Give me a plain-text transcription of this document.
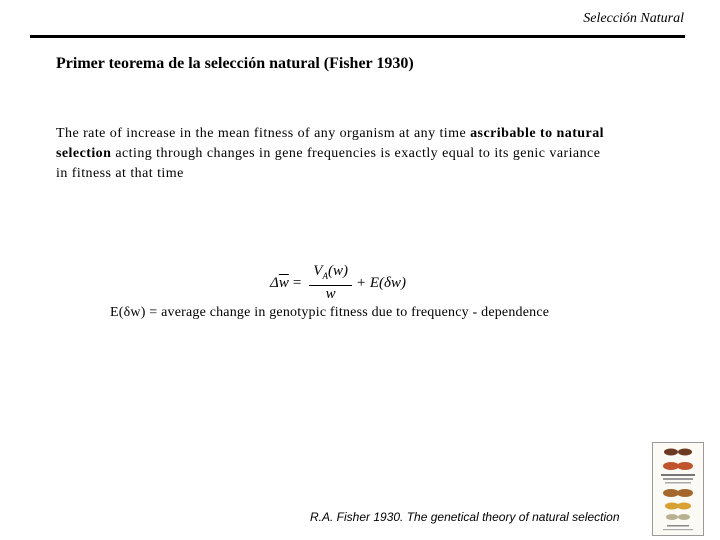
Selección Natural
Primer teorema de la selección natural (Fisher 1930)
The rate of increase in the mean fitness of any organism at any time ascribable to natural selection acting through changes in gene frequencies is exactly equal to its genic variance in fitness at that time
$\Delta\overline{w} = \frac{V_A(w)}{w} + E(\delta w)$
E(δw) = average change in genotypic fitness due to frequency - dependence
R.A. Fisher 1930. The genetical theory of natural selection
